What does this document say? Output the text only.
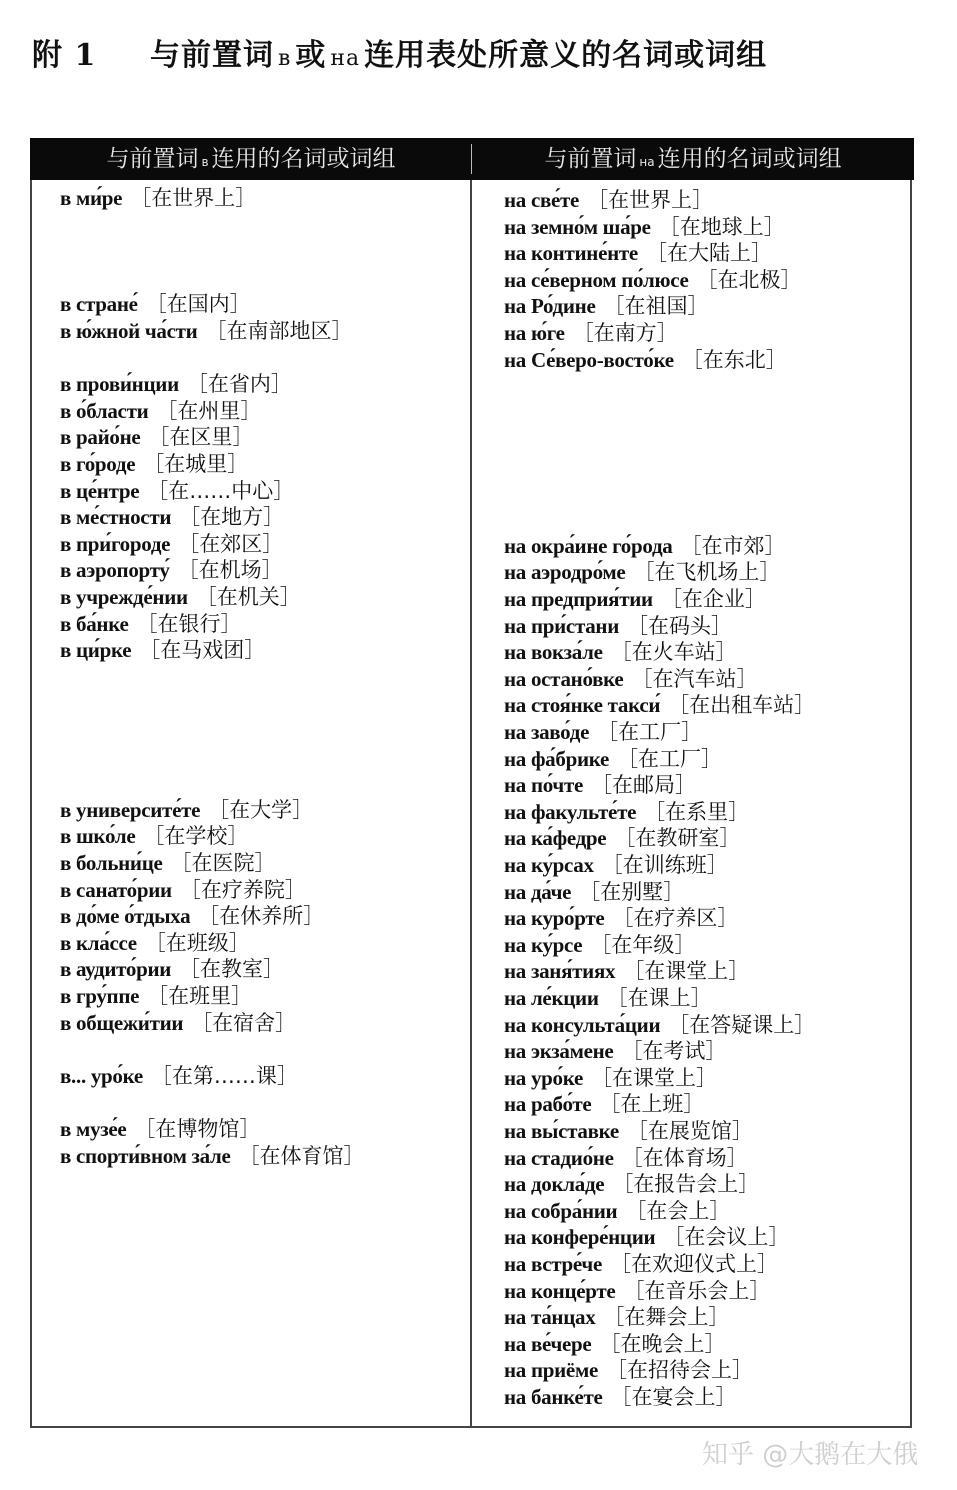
附 1 与前置词 в 或 на 连用表处所意义的名词或词组
与前置词 в 连用的名词或词组	与前置词 на 连用的名词或词组
в ми́ре ［在世界上］
в стране́ ［在国内］
в ю́жной ча́сти ［在南部地区］
в прови́нции ［在省内］
в о́бласти ［在州里］
в райо́не ［在区里］
в го́роде ［在城里］
в це́нтре ［在……中心］
в ме́стности ［在地方］
в при́городе ［在郊区］
в аэропорту́ ［在机场］
в учрежде́нии ［在机关］
в ба́нке ［在银行］
в ци́рке ［在马戏团］
в университе́те ［在大学］
в шко́ле ［在学校］
в больни́це ［在医院］
в санато́рии ［在疗养院］
в до́ме о́тдыха ［在休养所］
в кла́ссе ［在班级］
в аудито́рии ［在教室］
в гру́ппе ［在班里］
в общежи́тии ［在宿舍］
в... уро́ке ［在第……课］
в музе́е ［在博物馆］
в спорти́вном за́ле ［在体育馆］
на све́те ［在世界上］
на земно́м ша́ре ［在地球上］
на контине́нте ［在大陆上］
на се́верном по́люсе ［在北极］
на Ро́дине ［在祖国］
на ю́ге ［在南方］
на Се́веро-восто́ке ［在东北］
на окра́ине го́рода ［在市郊］
на аэродро́ме ［在飞机场上］
на предприя́тии ［在企业］
на при́стани ［在码头］
на вокза́ле ［在火车站］
на остано́вке ［在汽车站］
на стоя́нке такси́ ［在出租车站］
на заво́де ［在工厂］
на фа́брике ［在工厂］
на по́чте ［在邮局］
на факульте́те ［在系里］
на ка́федре ［在教研室］
на ку́рсах ［在训练班］
на да́че ［在别墅］
на куро́рте ［在疗养区］
на ку́рсе ［在年级］
на заня́тиях ［在课堂上］
на ле́кции ［在课上］
на консульта́ции ［在答疑课上］
на экза́мене ［在考试］
на уро́ке ［在课堂上］
на рабо́те ［在上班］
на вы́ставке ［在展览馆］
на стадио́не ［在体育场］
на докла́де ［在报告会上］
на собра́нии ［在会上］
на конфере́нции ［在会议上］
на встре́че ［在欢迎仪式上］
на конце́рте ［在音乐会上］
на та́нцах ［在舞会上］
на ве́чере ［在晚会上］
на приёме ［在招待会上］
на банке́те ［在宴会上］
知乎 @大鹅在大俄
